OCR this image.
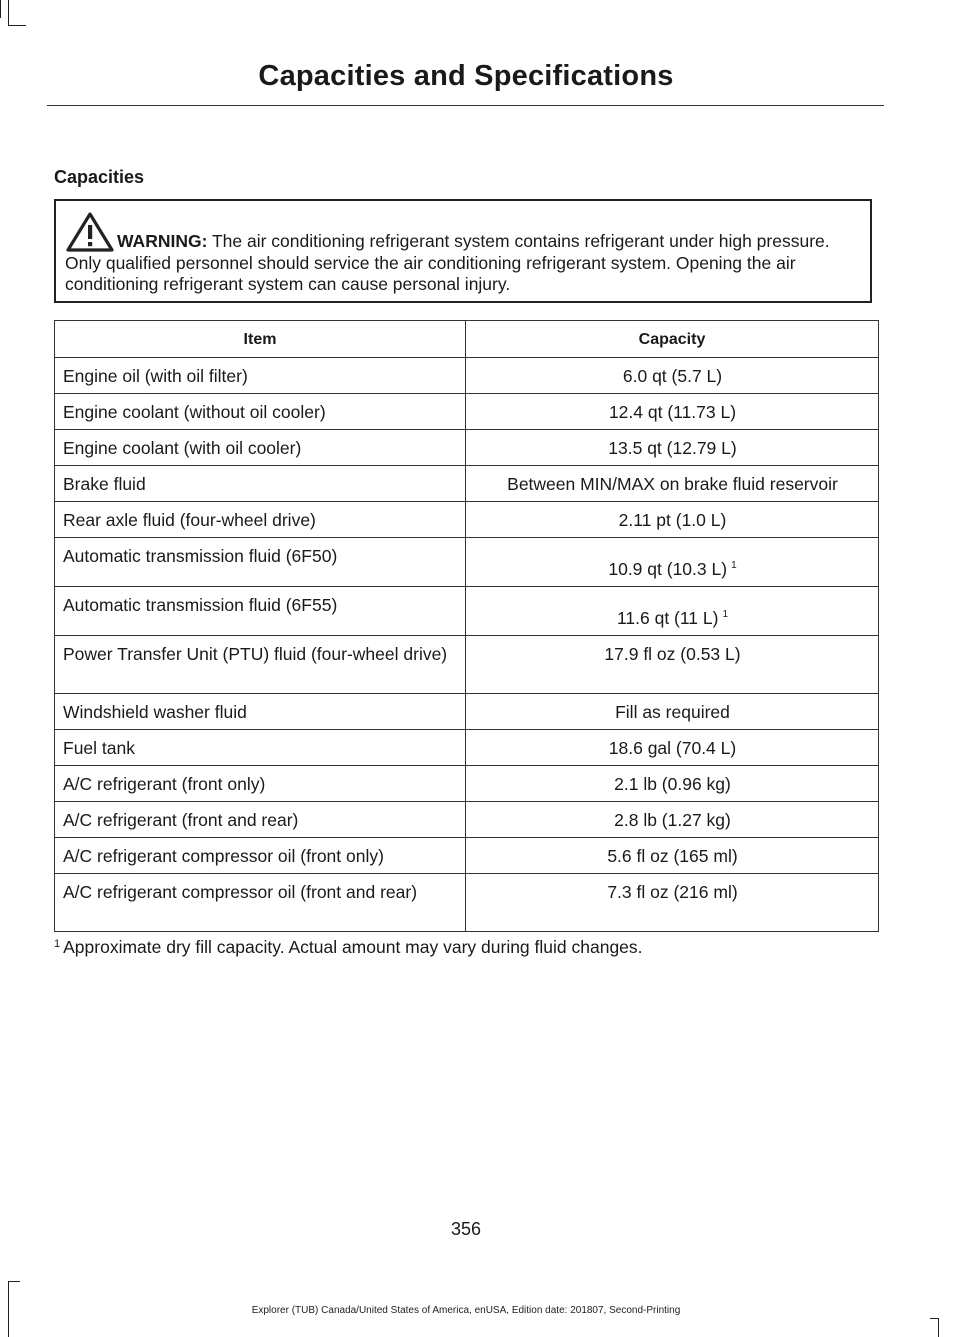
Capacities and Specifications
Capacities
WARNING: The air conditioning refrigerant system contains refrigerant under high pressure. Only qualified personnel should service the air conditioning refrigerant system. Opening the air conditioning refrigerant system can cause personal injury.
Item	Capacity
Engine oil (with oil filter)	6.0 qt (5.7 L)
Engine coolant (without oil cooler)	12.4 qt (11.73 L)
Engine coolant (with oil cooler)	13.5 qt (12.79 L)
Brake fluid	Between MIN/MAX on brake fluid reservoir
Rear axle fluid (four-wheel drive)	2.11 pt (1.0 L)
Automatic transmission fluid (6F50)	10.9 qt (10.3 L) $^1$
Automatic transmission fluid (6F55)	11.6 qt (11 L) $^1$
Power Transfer Unit (PTU) fluid (four-wheel drive)	17.9 fl oz (0.53 L)
Windshield washer fluid	Fill as required
Fuel tank	18.6 gal (70.4 L)
A/C refrigerant (front only)	2.1 lb (0.96 kg)
A/C refrigerant (front and rear)	2.8 lb (1.27 kg)
A/C refrigerant compressor oil (front only)	5.6 fl oz (165 ml)
A/C refrigerant compressor oil (front and rear)	7.3 fl oz (216 ml)
$^1$ Approximate dry fill capacity. Actual amount may vary during fluid changes.
356
Explorer (TUB) Canada/United States of America, enUSA, Edition date: 201807, Second-Printing
